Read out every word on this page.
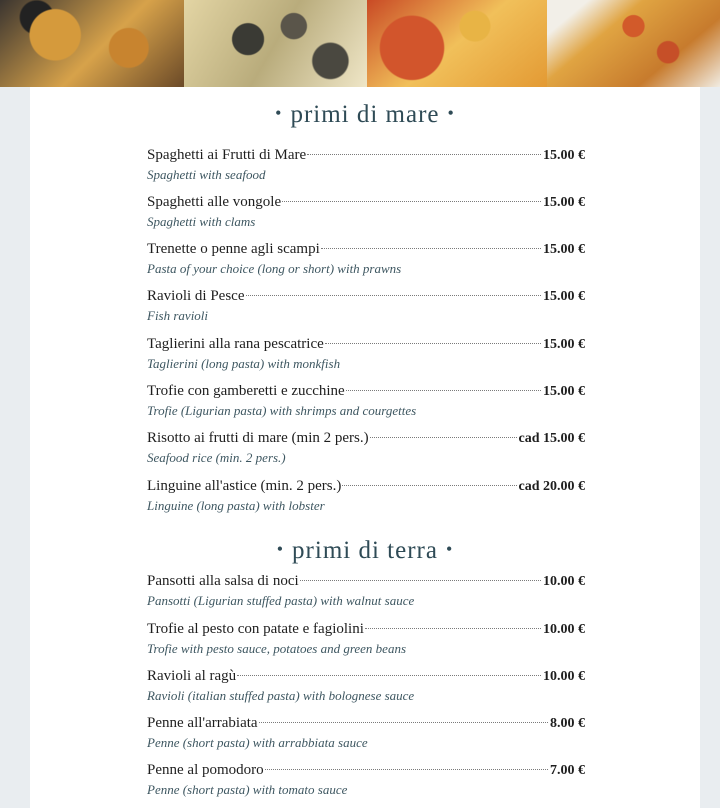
• primi di mare •
Spaghetti ai Frutti di Mare	15.00 €
Spaghetti with seafood
Spaghetti alle vongole	15.00 €
Spaghetti with clams
Trenette o penne agli scampi	15.00 €
Pasta of your choice (long or short) with prawns
Ravioli di Pesce	15.00 €
Fish ravioli
Taglierini alla rana pescatrice	15.00 €
Taglierini (long pasta) with monkfish
Trofie con gamberetti e zucchine	15.00 €
Trofie (Ligurian pasta) with shrimps and courgettes
Risotto ai frutti di mare (min 2 pers.)	cad 15.00 €
Seafood rice (min. 2 pers.)
Linguine all'astice (min. 2 pers.)	cad 20.00 €
Linguine (long pasta) with lobster
• primi di terra •
Pansotti alla salsa di noci	10.00 €
Pansotti (Ligurian stuffed pasta) with walnut sauce
Trofie al pesto con patate e fagiolini	10.00 €
Trofie with pesto sauce, potatoes and green beans
Ravioli al ragù	10.00 €
Ravioli (italian stuffed pasta) with bolognese sauce
Penne all'arrabiata	8.00 €
Penne (short pasta) with arrabbiata sauce
Penne al pomodoro	7.00 €
Penne (short pasta) with tomato sauce
